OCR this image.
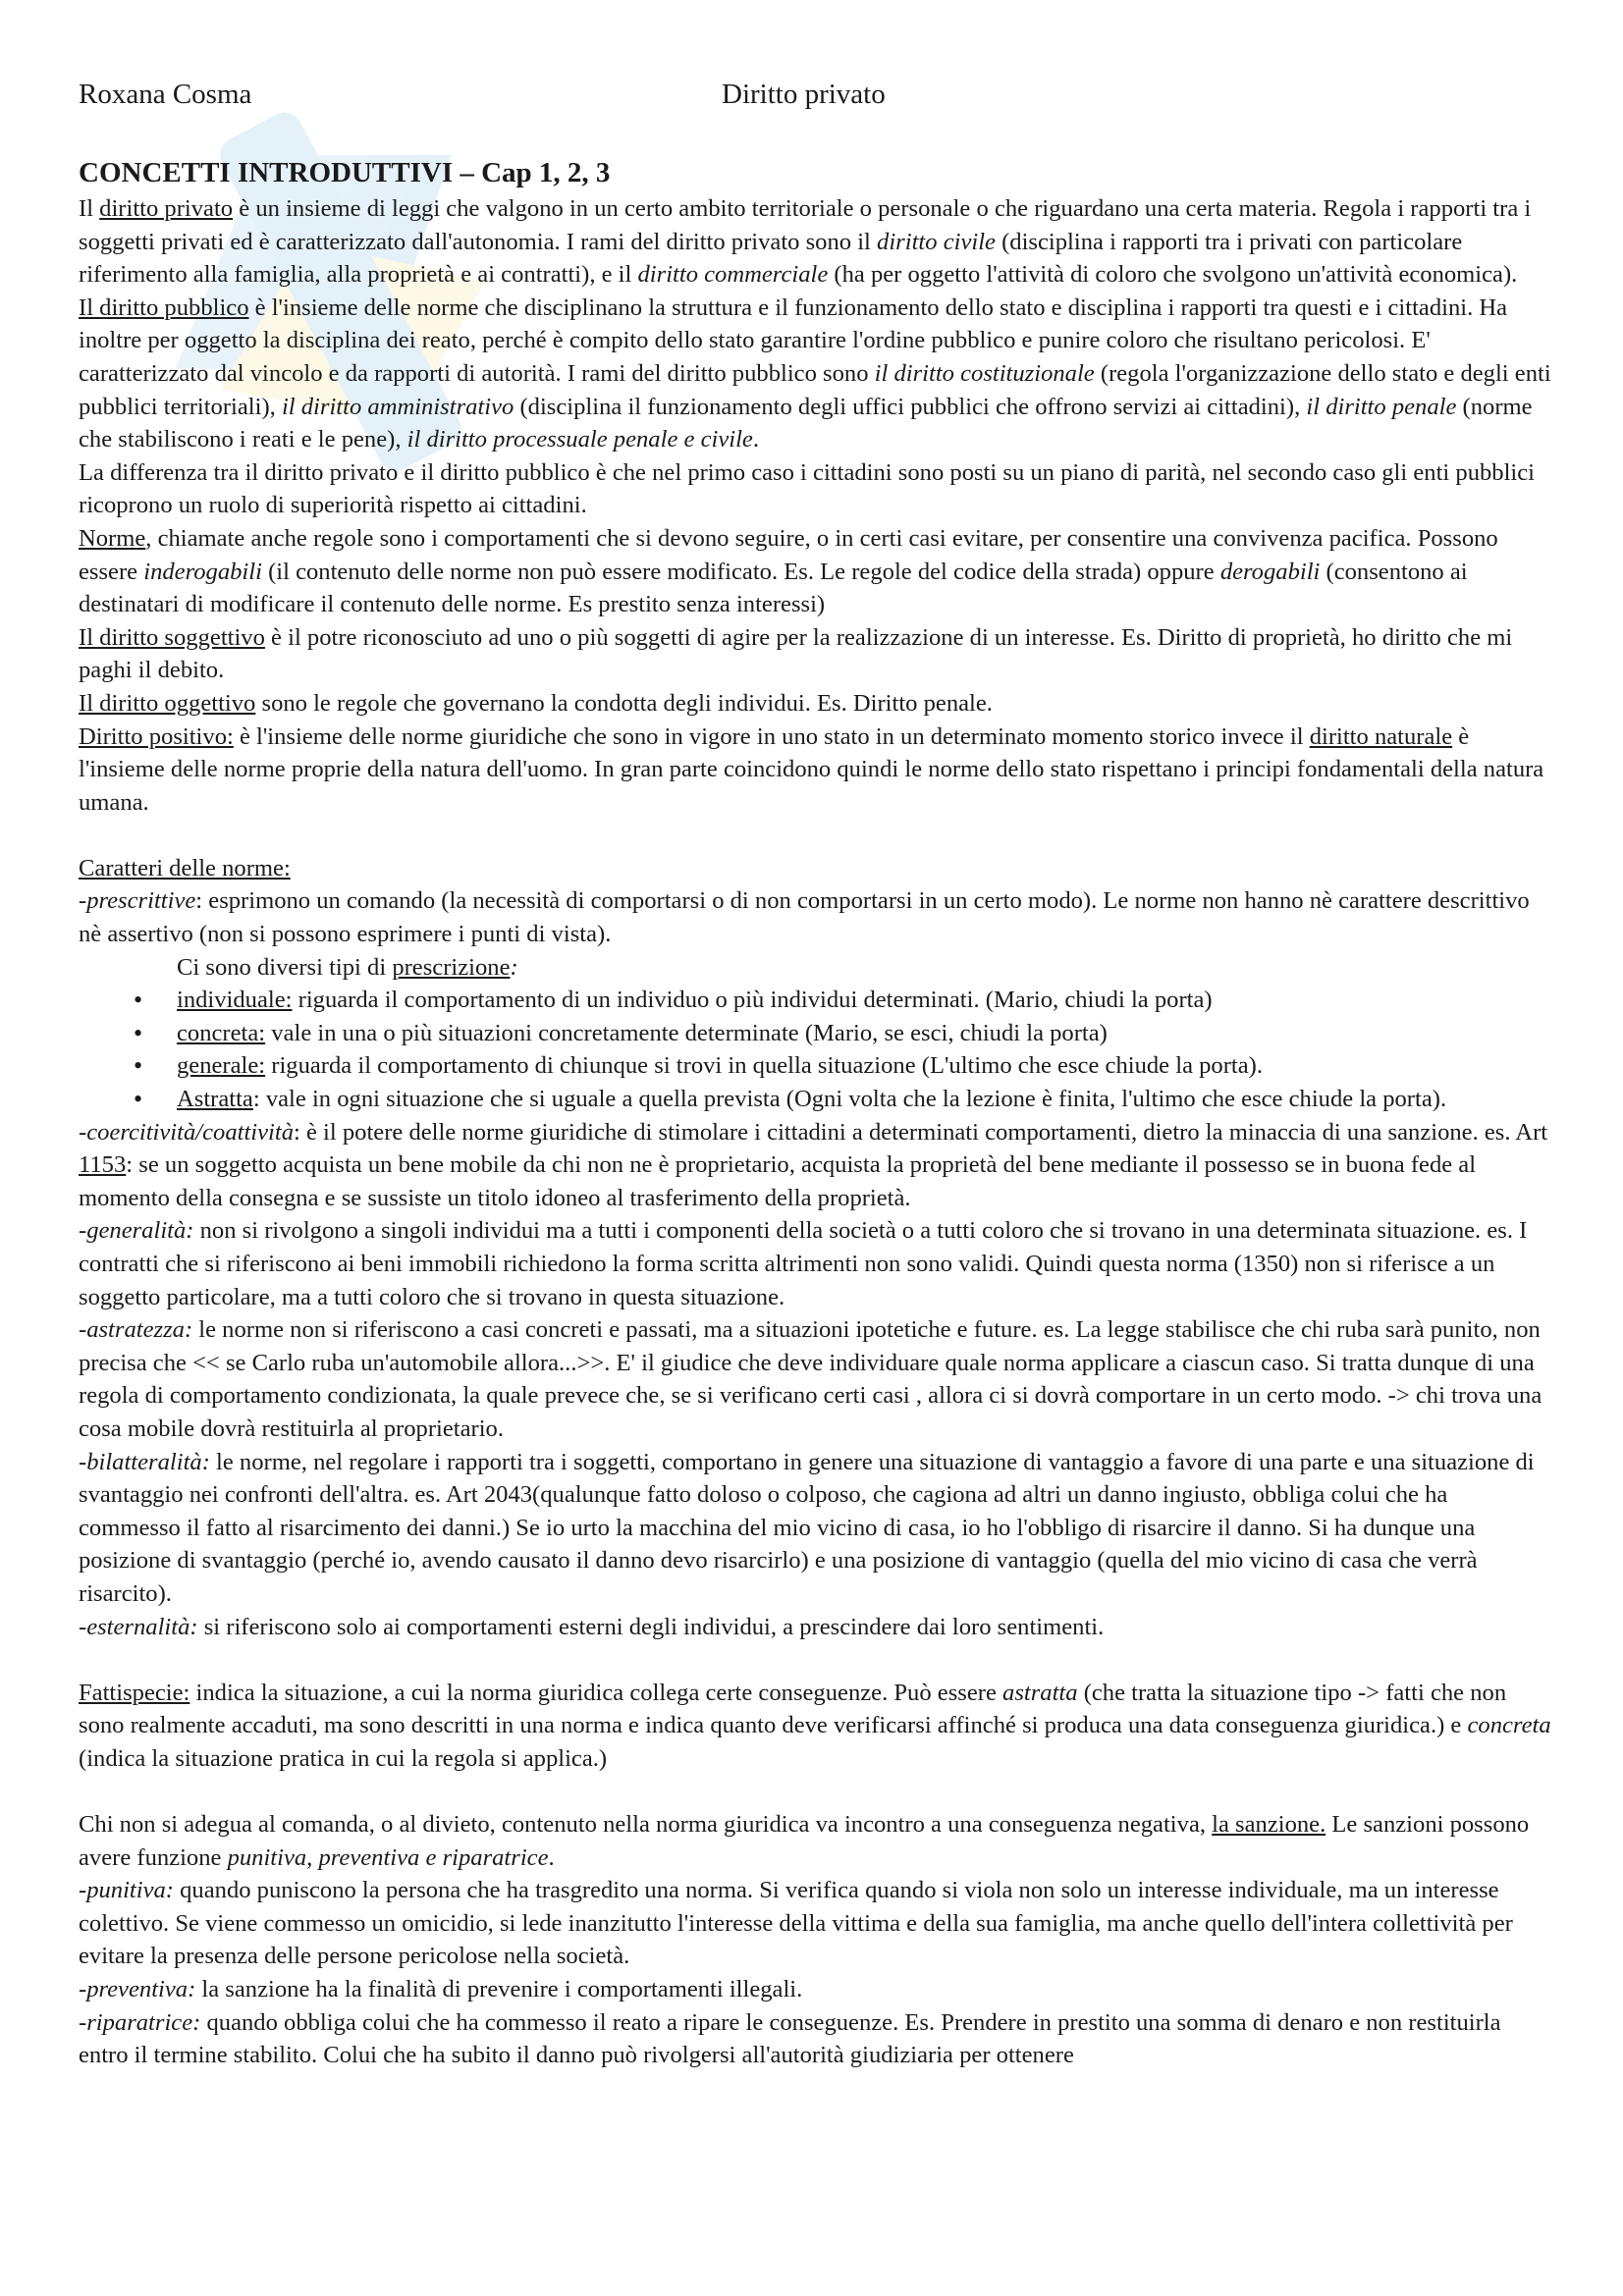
Roxana Cosma	Diritto privato
CONCETTI INTRODUTTIVI – Cap 1, 2, 3

Il diritto privato è un insieme di leggi che valgono in un certo ambito territoriale o personale o che riguardano una certa materia. Regola i rapporti tra i soggetti privati ed è caratterizzato dall'autonomia. I rami del diritto privato sono il diritto civile (disciplina i rapporti tra i privati con particolare riferimento alla famiglia, alla proprietà e ai contratti), e il diritto commerciale (ha per oggetto l'attività di coloro che svolgono un'attività economica).

Il diritto pubblico è l'insieme delle norme che disciplinano la struttura e il funzionamento dello stato e disciplina i rapporti tra questi e i cittadini. Ha inoltre per oggetto la disciplina dei reato, perché è compito dello stato garantire l'ordine pubblico e punire coloro che risultano pericolosi. E' caratterizzato dal vincolo e da rapporti di autorità. I rami del diritto pubblico sono il diritto costituzionale (regola l'organizzazione dello stato e degli enti pubblici territoriali), il diritto amministrativo (disciplina il funzionamento degli uffici pubblici che offrono servizi ai cittadini), il diritto penale (norme che stabiliscono i reati e le pene), il diritto processuale penale e civile.

La differenza tra il diritto privato e il diritto pubblico è che nel primo caso i cittadini sono posti su un piano di parità, nel secondo caso gli enti pubblici ricoprono un ruolo di superiorità rispetto ai cittadini.

Norme, chiamate anche regole sono i comportamenti che si devono seguire, o in certi casi evitare, per consentire una convivenza pacifica. Possono essere inderogabili (il contenuto delle norme non può essere modificato. Es. Le regole del codice della strada) oppure derogabili (consentono ai destinatari di modificare il contenuto delle norme. Es prestito senza interessi)

Il diritto soggettivo è il potre riconosciuto ad uno o più soggetti di agire per la realizzazione di un interesse. Es. Diritto di proprietà, ho diritto che mi paghi il debito.

Il diritto oggettivo sono le regole che governano la condotta degli individui. Es. Diritto penale.

Diritto positivo: è l'insieme delle norme giuridiche che sono in vigore in uno stato in un determinato momento storico invece il diritto naturale è l'insieme delle norme proprie della natura dell'uomo. In gran parte coincidono quindi le norme dello stato rispettano i principi fondamentali della natura umana.

Caratteri delle norme:

-prescrittive: esprimono un comando (la necessità di comportarsi o di non comportarsi in un certo modo). Le norme non hanno nè carattere descrittivo nè assertivo (non si possono esprimere i punti di vista).

Ci sono diversi tipi di prescrizione:

• individuale: riguarda il comportamento di un individuo o più individui determinati. (Mario, chiudi la porta)
• concreta: vale in una o più situazioni concretamente determinate (Mario, se esci, chiudi la porta)
• generale: riguarda il comportamento di chiunque si trovi in quella situazione (L'ultimo che esce chiude la porta).
• Astratta: vale in ogni situazione che si uguale a quella prevista (Ogni volta che la lezione è finita, l'ultimo che esce chiude la porta).

-coercitività/coattività: è il potere delle norme giuridiche di stimolare i cittadini a determinati comportamenti, dietro la minaccia di una sanzione. es. Art 1153: se un soggetto acquista un bene mobile da chi non ne è proprietario, acquista la proprietà del bene mediante il possesso se in buona fede al momento della consegna e se sussiste un titolo idoneo al trasferimento della proprietà.

-generalità: non si rivolgono a singoli individui ma a tutti i componenti della società o a tutti coloro che si trovano in una determinata situazione. es. I contratti che si riferiscono ai beni immobili richiedono la forma scritta altrimenti non sono validi. Quindi questa norma (1350) non si riferisce a un soggetto particolare, ma a tutti coloro che si trovano in questa situazione.

-astratezza: le norme non si riferiscono a casi concreti e passati, ma a situazioni ipotetiche e future. es. La legge stabilisce che chi ruba sarà punito, non precisa che << se Carlo ruba un'automobile allora...>>. E' il giudice che deve individuare quale norma applicare a ciascun caso. Si tratta dunque di una regola di comportamento condizionata, la quale prevece che, se si verificano certi casi , allora ci si dovrà comportare in un certo modo. -> chi trova una cosa mobile dovrà restituirla al proprietario.

-bilatteralità: le norme, nel regolare i rapporti tra i soggetti, comportano in genere una situazione di vantaggio a favore di una parte e una situazione di svantaggio nei confronti dell'altra. es. Art 2043(qualunque fatto doloso o colposo, che cagiona ad altri un danno ingiusto, obbliga colui che ha commesso il fatto al risarcimento dei danni.) Se io urto la macchina del mio vicino di casa, io ho l'obbligo di risarcire il danno. Si ha dunque una posizione di svantaggio (perché io, avendo causato il danno devo risarcirlo) e una posizione di vantaggio (quella del mio vicino di casa che verrà risarcito).

-esternalità: si riferiscono solo ai comportamenti esterni degli individui, a prescindere dai loro sentimenti.

Fattispecie: indica la situazione, a cui la norma giuridica collega certe conseguenze. Può essere astratta (che tratta la situazione tipo -> fatti che non sono realmente accaduti, ma sono descritti in una norma e indica quanto deve verificarsi affinché si produca una data conseguenza giuridica.) e concreta (indica la situazione pratica in cui la regola si applica.)

Chi non si adegua al comanda, o al divieto, contenuto nella norma giuridica va incontro a una conseguenza negativa, la sanzione. Le sanzioni possono avere funzione punitiva, preventiva e riparatrice.

-punitiva: quando puniscono la persona che ha trasgredito una norma. Si verifica quando si viola non solo un interesse individuale, ma un interesse colettivo. Se viene commesso un omicidio, si lede inanzitutto l'interesse della vittima e della sua famiglia, ma anche quello dell'intera collettività per evitare la presenza delle persone pericolose nella società.

-preventiva: la sanzione ha la finalità di prevenire i comportamenti illegali.

-riparatrice: quando obbliga colui che ha commesso il reato a ripare le conseguenze. Es. Prendere in prestito una somma di denaro e non restituirla entro il termine stabilito. Colui che ha subito il danno può rivolgersi all'autorità giudiziaria per ottenere
